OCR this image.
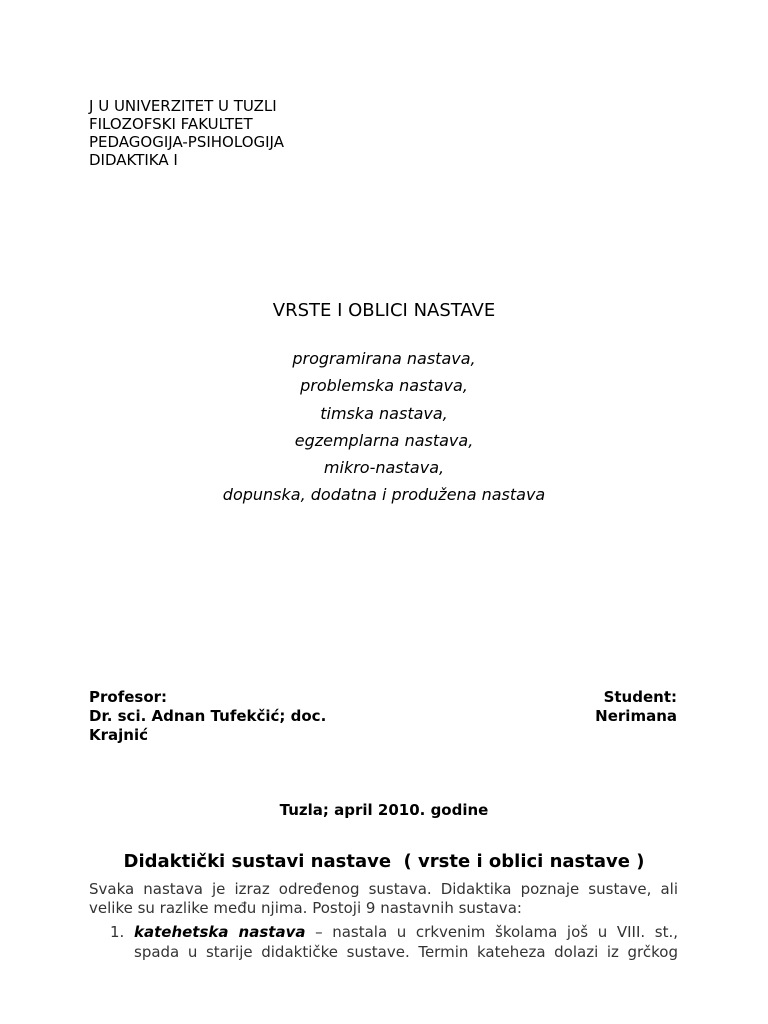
J U UNIVERZITET U TUZLI
FILOZOFSKI FAKULTET
PEDAGOGIJA-PSIHOLOGIJA
DIDAKTIKA I
VRSTE I OBLICI NASTAVE
programirana nastava,
problemska nastava,
timska nastava,
egzemplarna nastava,
mikro-nastava,
dopunska, dodatna i produžena nastava
Profesor:
Dr. sci. Adnan Tufekčić; doc.
Krajnić
Student:
Nerimana
Tuzla; april 2010. godine
Didaktički sustavi nastave  ( vrste i oblici nastave )
Svaka nastava je izraz određenog sustava. Didaktika poznaje sustave, ali
velike su razlike među njima. Postoji 9 nastavnih sustava:
1. katehetska nastava – nastala u crkvenim školama još u VIII. st.,
spada u starije didaktičke sustave. Termin kateheza dolazi iz grčkog
